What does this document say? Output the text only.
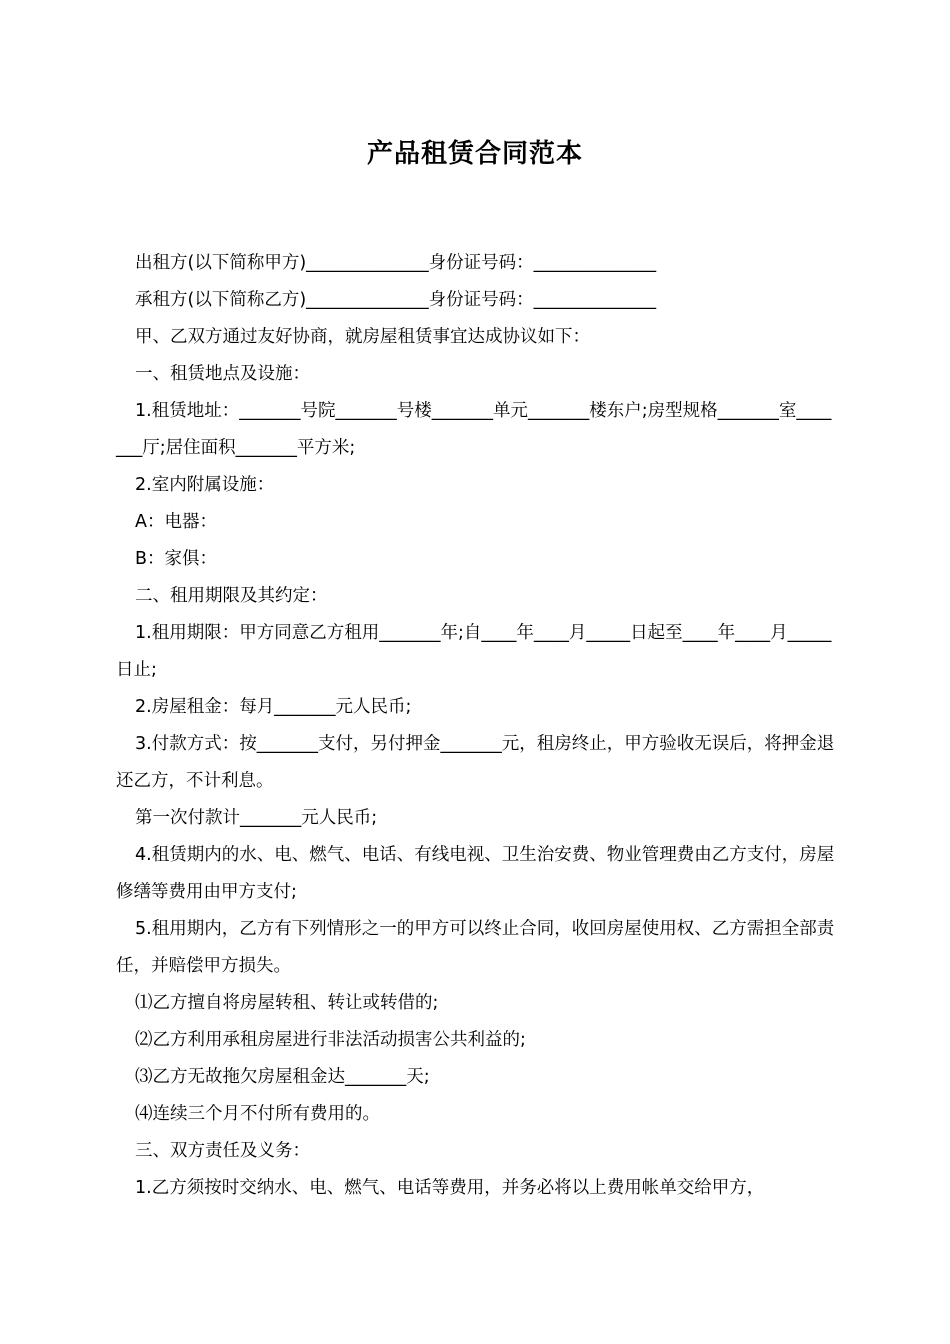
产品租赁合同范本

出租方(以下简称甲方)______________身份证号码：______________

承租方(以下简称乙方)______________身份证号码：______________

甲、乙双方通过友好协商，就房屋租赁事宜达成协议如下：

一、租赁地点及设施：

1.租赁地址：_______号院_______号楼_______单元_______楼东户;房型规格_______室_______厅;居住面积_______平方米;

2.室内附属设施：

A：电器：

B：家俱：

二、租用期限及其约定：

1.租用期限：甲方同意乙方租用_______年;自____年____月_____日起至____年____月_____日止;

2.房屋租金：每月_______元人民币;

3.付款方式：按_______支付，另付押金_______元，租房终止，甲方验收无误后，将押金退还乙方，不计利息。

第一次付款计_______元人民币;

4.租赁期内的水、电、燃气、电话、有线电视、卫生治安费、物业管理费由乙方支付，房屋修缮等费用由甲方支付;

5.租用期内，乙方有下列情形之一的甲方可以终止合同，收回房屋使用权、乙方需担全部责任，并赔偿甲方损失。

⑴乙方擅自将房屋转租、转让或转借的;

⑵乙方利用承租房屋进行非法活动损害公共利益的;

⑶乙方无故拖欠房屋租金达_______天;

⑷连续三个月不付所有费用的。

三、双方责任及义务：

1.乙方须按时交纳水、电、燃气、电话等费用，并务必将以上费用帐单交给甲方，
